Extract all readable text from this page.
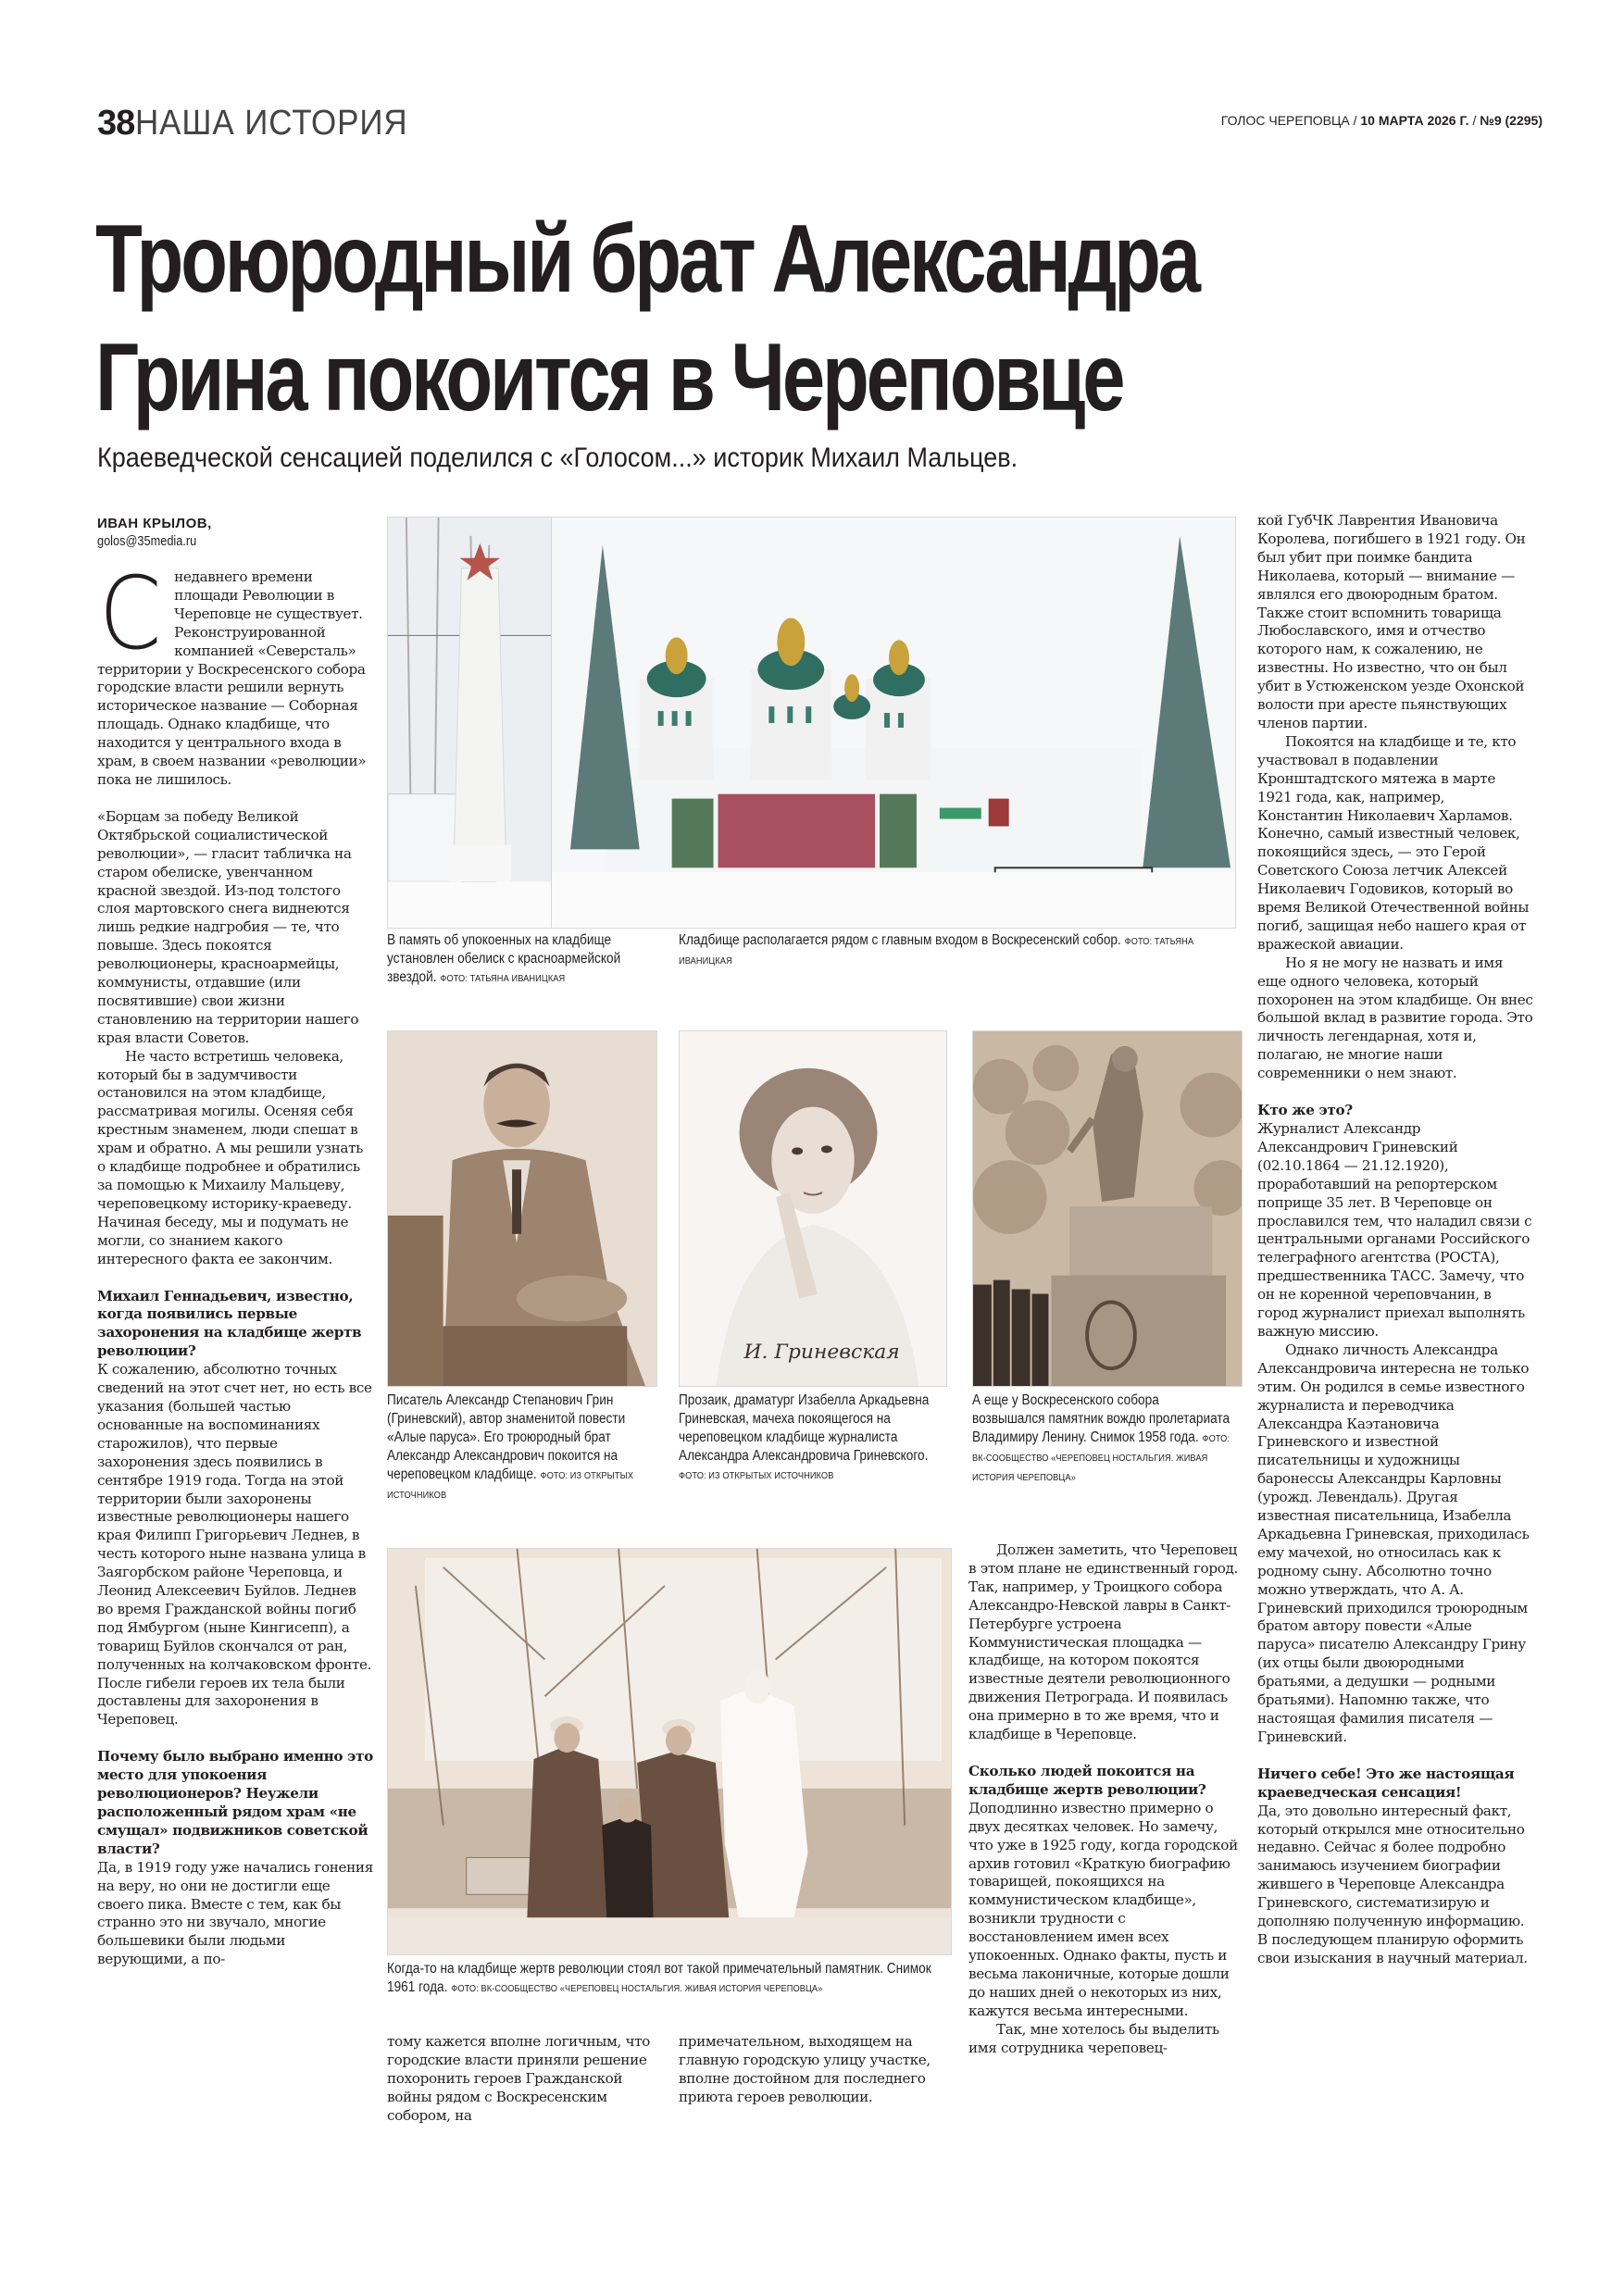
38 НАША ИСТОРИЯ	ГОЛОС ЧЕРЕПОВЦА / 10 МАРТА 2026 Г. / №9 (2295)
Троюродный брат Александра
Грина покоится в Череповце
Краеведческой сенсацией поделился с «Голосом...» историк Михаил Мальцев.
ИВАН КРЫЛОВ,
golos@35media.ru

Снедавнего времени площади Революции в Череповце не существует. Реконструированной компанией «Северсталь» территории у Воскресенского собора городские власти решили вернуть историческое название — Соборная площадь. Однако кладбище, что находится у центрального входа в храм, в своем названии «революции» пока не лишилось.

«Борцам за победу Великой Октябрьской социалистической революции», — гласит табличка на старом обелиске, увенчанном красной звездой. Из-под толстого слоя мартовского снега виднеются лишь редкие надгробия — те, что повыше. Здесь покоятся революционеры, красноармейцы, коммунисты, отдавшие (или посвятившие) свои жизни становлению на территории нашего края власти Советов.

Не часто встретишь человека, который бы в задумчивости остановился на этом кладбище, рассматривая могилы. Осеняя себя крестным знаменем, люди спешат в храм и обратно. А мы решили узнать о кладбище подробнее и обратились за помощью к Михаилу Мальцеву, череповецкому историку-краеведу. Начиная беседу, мы и подумать не могли, со знанием какого интересного факта ее закончим.

Михаил Геннадьевич, известно, когда появились первые захоронения на кладбище жертв революции?

К сожалению, абсолютно точных сведений на этот счет нет, но есть все указания (большей частью основанные на воспоминаниях старожилов), что первые захоронения здесь появились в сентябре 1919 года. Тогда на этой территории были захоронены известные революционеры нашего края Филипп Григорьевич Леднев, в честь которого ныне названа улица в Заягорбском районе Череповца, и Леонид Алексеевич Буйлов. Леднев во время Гражданской войны погиб под Ямбургом (ныне Кингисепп), а товарищ Буйлов скончался от ран, полученных на колчаковском фронте. После гибели героев их тела были доставлены для захоронения в Череповец.

Почему было выбрано именно это место для упокоения революционеров? Неужели расположенный рядом храм «не смущал» подвижников советской власти?

Да, в 1919 году уже начались гонения на веру, но они не достигли еще своего пика. Вместе с тем, как бы странно это ни звучало, многие большевики были людьми верующими, а по-

В память об упокоенных на кладбище установлен обелиск с красноармейской звездой. ФОТО: ТАТЬЯНА ИВАНИЦКАЯ
Кладбище располагается рядом с главным входом в Воскресенский собор. ФОТО: ТАТЬЯНА ИВАНИЦКАЯ
И. Гриневская
Писатель Александр Степанович Грин (Гриневский), автор знаменитой повести «Алые паруса». Его троюродный брат Александр Александрович покоится на череповецком кладбище. ФОТО: ИЗ ОТКРЫТЫХ ИСТОЧНИКОВ
Прозаик, драматург Изабелла Аркадьевна Гриневская, мачеха покоящегося на череповецком кладбище журналиста Александра Александровича Гриневского. ФОТО: ИЗ ОТКРЫТЫХ ИСТОЧНИКОВ
А еще у Воскресенского собора возвышался памятник вождю пролетариата Владимиру Ленину. Снимок 1958 года. ФОТО: ВК-СООБЩЕСТВО «ЧЕРЕПОВЕЦ НОСТАЛЬГИЯ. ЖИВАЯ ИСТОРИЯ ЧЕРЕПОВЦА»
Когда-то на кладбище жертв революции стоял вот такой примечательный памятник. Снимок 1961 года. ФОТО: ВК-СООБЩЕСТВО «ЧЕРЕПОВЕЦ НОСТАЛЬГИЯ. ЖИВАЯ ИСТОРИЯ ЧЕРЕПОВЦА»

тому кажется вполне логичным, что городские власти приняли решение похоронить героев Гражданской войны рядом с Воскресенским собором, на

примечательном, выходящем на главную городскую улицу участке, вполне достойном для последнего приюта героев революции.

Должен заметить, что Череповец в этом плане не единственный город. Так, например, у Троицкого собора Александро-Невской лавры в Санкт-Петербурге устроена Коммунистическая площадка — кладбище, на котором покоятся известные деятели революционного движения Петрограда. И появилась она примерно в то же время, что и кладбище в Череповце.

Сколько людей покоится на кладбище жертв революции?

Доподлинно известно примерно о двух десятках человек. Но замечу, что уже в 1925 году, когда городской архив готовил «Краткую биографию товарищей, покоящихся на коммунистическом кладбище», возникли трудности с восстановлением имен всех упокоенных. Однако факты, пусть и весьма лаконичные, которые дошли до наших дней о некоторых из них, кажутся весьма интересными.

Так, мне хотелось бы выделить имя сотрудника череповец-

кой ГубЧК Лаврентия Ивановича Королева, погибшего в 1921 году. Он был убит при поимке бандита Николаева, который — внимание — являлся его двоюродным братом. Также стоит вспомнить товарища Любославского, имя и отчество которого нам, к сожалению, не известны. Но известно, что он был убит в Устюженском уезде Охонской волости при аресте пьянствующих членов партии.

Покоятся на кладбище и те, кто участвовал в подавлении Кронштадтского мятежа в марте 1921 года, как, например, Константин Николаевич Харламов. Конечно, самый известный человек, покоящийся здесь, — это Герой Советского Союза летчик Алексей Николаевич Годовиков, который во время Великой Отечественной войны погиб, защищая небо нашего края от вражеской авиации.

Но я не могу не назвать и имя еще одного человека, который похоронен на этом кладбище. Он внес большой вклад в развитие города. Это личность легендарная, хотя и, полагаю, не многие наши современники о нем знают.

Кто же это?

Журналист Александр Александрович Гриневский (02.10.1864 — 21.12.1920), проработавший на репортерском поприще 35 лет. В Череповце он прославился тем, что наладил связи с центральными органами Российского телеграфного агентства (РОСТА), предшественника ТАСС. Замечу, что он не коренной череповчанин, в город журналист приехал выполнять важную миссию.

Однако личность Александра Александровича интересна не только этим. Он родился в семье известного журналиста и переводчика Александра Каэтановича Гриневского и известной писательницы и художницы баронессы Александры Карловны (урожд. Левендаль). Другая известная писательница, Изабелла Аркадьевна Гриневская, приходилась ему мачехой, но относилась как к родному сыну. Абсолютно точно можно утверждать, что А. А. Гриневский приходился троюродным братом автору повести «Алые паруса» писателю Александру Грину (их отцы были двоюродными братьями, а дедушки — родными братьями). Напомню также, что настоящая фамилия писателя — Гриневский.

Ничего себе! Это же настоящая краеведческая сенсация!

Да, это довольно интересный факт, который открылся мне относительно недавно. Сейчас я более подробно занимаюсь изучением биографии жившего в Череповце Александра Гриневского, систематизирую и дополняю полученную информацию. В последующем планирую оформить свои изыскания в научный материал.
